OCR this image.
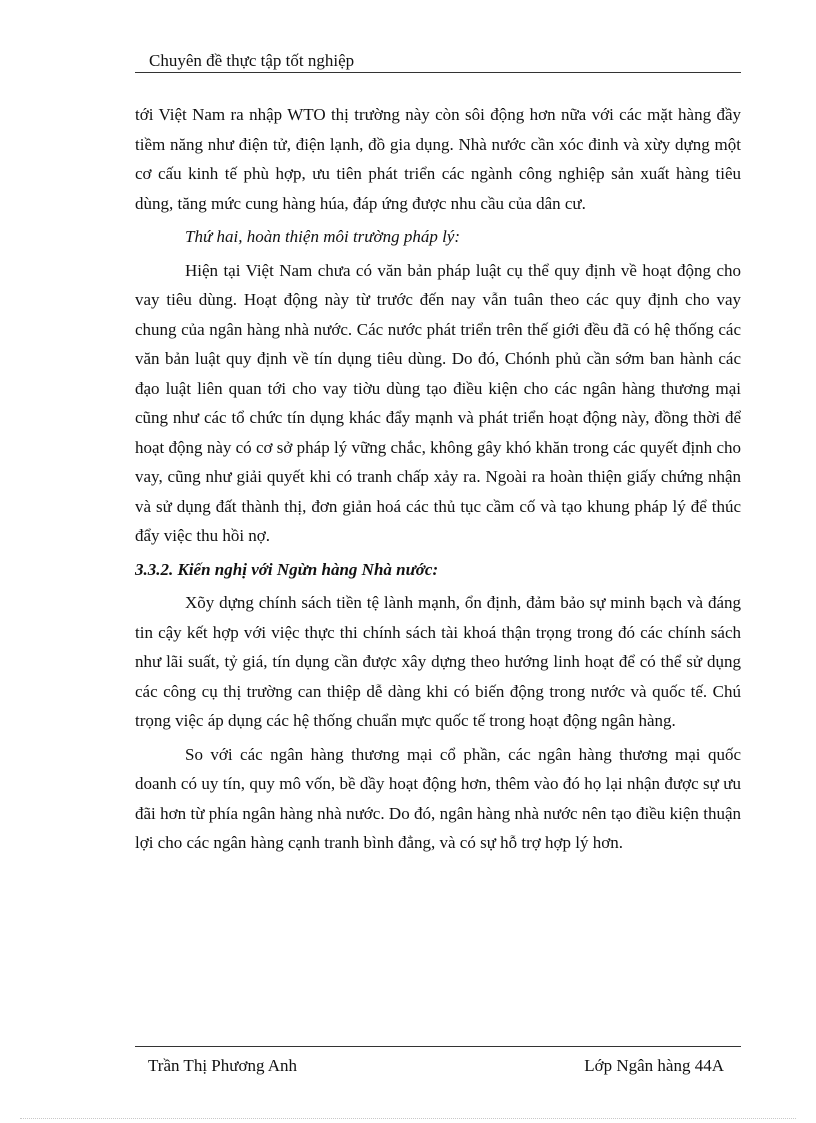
Chuyên đề thực tập tốt nghiệp

tới Việt Nam ra nhập WTO thị trường này còn sôi động hơn nữa với các mặt hàng đầy tiềm năng như điện tử, điện lạnh, đồ gia dụng. Nhà nước cần xóc đinh và xừy dựng một cơ cấu kinh tế phù hợp, ưu tiên phát triển các ngành công nghiệp sản xuất hàng tiêu dùng, tăng mức cung hàng húa, đáp ứng được nhu cầu của dân cư.

Thứ hai, hoàn thiện môi trường pháp lý:

Hiện tại Việt Nam chưa có văn bản pháp luật cụ thể quy định về hoạt động cho vay tiêu dùng. Hoạt động này từ trước đến nay vẫn tuân theo các quy định cho vay chung của ngân hàng nhà nước. Các nước phát triển trên thế giới đều đã có hệ thống các văn bản luật quy định về tín dụng tiêu dùng. Do đó, Chónh phủ cần sớm ban hành các đạo luật liên quan tới cho vay tiờu dùng tạo điều kiện cho các ngân hàng thương mại cũng như các tổ chức tín dụng khác đẩy mạnh và phát triển hoạt động này, đồng thời để hoạt động này có cơ sở pháp lý vững chắc, không gây khó khăn trong các quyết định cho vay, cũng như giải quyết khi có tranh chấp xảy ra. Ngoài ra hoàn thiện giấy chứng nhận và sử dụng đất thành thị, đơn giản hoá các thủ tục cầm cố và tạo khung pháp lý để thúc đẩy việc thu hồi nợ.

3.3.2. Kiến nghị với Ngừn hàng Nhà nước:

Xõy dựng chính sách tiền tệ lành mạnh, ổn định, đảm bảo sự minh bạch và đáng tin cậy kết hợp với việc thực thi chính sách tài khoá thận trọng trong đó các chính sách như lãi suất, tỷ giá, tín dụng cần được xây dựng theo hướng linh hoạt để có thể sử dụng các công cụ thị trường can thiệp dễ dàng khi có biến động trong nước và quốc tế. Chú trọng việc áp dụng các hệ thống chuẩn mực quốc tế trong hoạt động ngân hàng.

So với các ngân hàng thương mại cổ phần, các ngân hàng thương mại quốc doanh có uy tín, quy mô vốn, bề dầy hoạt động hơn, thêm vào đó họ lại nhận được sự ưu đãi hơn từ phía ngân hàng nhà nước. Do đó, ngân hàng nhà nước nên tạo điều kiện thuận lợi cho các ngân hàng cạnh tranh bình đẳng, và có sự hỗ trợ hợp lý hơn.

Trần Thị Phương Anh	Lớp Ngân hàng 44A
